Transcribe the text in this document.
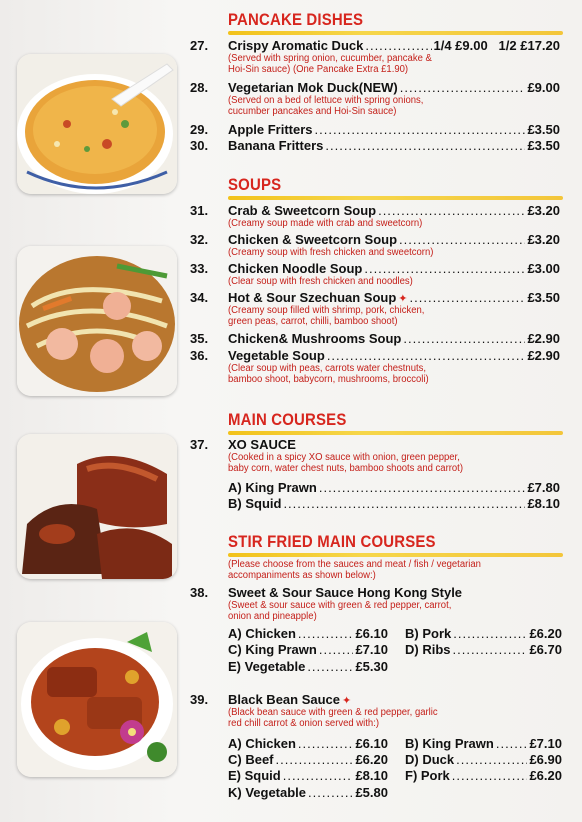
PANCAKE DISHES
27. Crispy Aromatic Duck .....	1/4 £9.00   1/2 £17.20
(Served with spring onion, cucumber, pancake & Hoi-Sin sauce) (One Pancake Extra £1.90)
28. Vegetarian Mok Duck(NEW) .....	£9.00
(Served on a bed of lettuce with spring onions, cucumber pancakes and Hoi-Sin sauce)
29. Apple Fritters .....	£3.50
30. Banana Fritters .....	£3.50
SOUPS
31. Crab & Sweetcorn Soup .....	£3.20
(Creamy soup made with crab and sweetcorn)
32. Chicken & Sweetcorn Soup .....	£3.20
(Creamy soup with fresh chicken and sweetcorn)
33. Chicken Noodle Soup .....	£3.00
(Clear soup with fresh chicken and noodles)
34. Hot & Sour Szechuan Soup ✦ .....	£3.50
(Creamy soup filled with shrimp, pork, chicken, green peas, carrot, chilli, bamboo shoot)
35. Chicken& Mushrooms Soup .....	£2.90
36. Vegetable Soup .....	£2.90
(Clear soup with peas, carrots water chestnuts, bamboo shoot, babycorn, mushrooms, broccoli)
MAIN COURSES
37. XO SAUCE
(Cooked in a spicy XO sauce with onion, green pepper, baby corn, water chest nuts, bamboo shoots and carrot)
A) King Prawn .....	£7.80
B) Squid .....	£8.10
STIR FRIED MAIN COURSES
(Please choose from the sauces and meat / fish / vegetarian accompaniments as shown below:)
38. Sweet & Sour Sauce Hong Kong Style
(Sweet & sour sauce with green & red pepper, carrot, onion and pineapple)
A) Chicken .....	£6.10 B) Pork .....	£6.20
C) King Prawn .....	£7.10 D) Ribs .....	£6.70
E) Vegetable .....	£5.30
39. Black Bean Sauce ✦
(Black bean sauce with green & red pepper, garlic red chill carrot & onion served with:)
A) Chicken .....	£6.10 B) King Prawn .....	£7.10
C) Beef .....	£6.20 D) Duck .....	£6.90
E) Squid .....	£8.10 F) Pork .....	£6.20
K) Vegetable .....	£5.80
